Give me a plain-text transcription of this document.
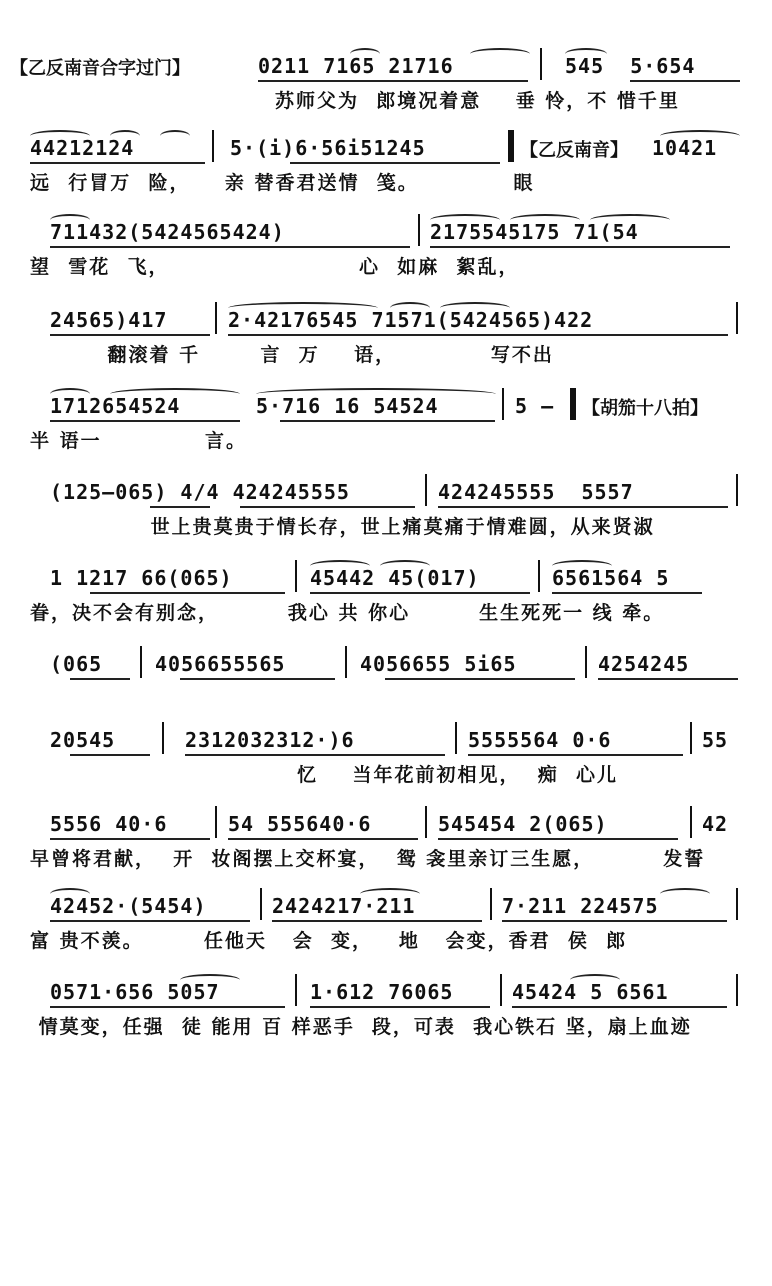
【乙反南音合字过门】

	0211 7165 21716

	545  5·654

苏师父为  郎境况着意    垂 怜，不 惜千里

44212124

	5·(i)6·56i51245

	【乙反南音】

10421

远  行冒万  险，    亲 替香君送情  笺。           眼

711432(5424565424)

	2175545175 71(54

望  雪花  飞，                      心  如麻  絮乱，

24565)417

	2·42176545 71571(5424565)422

翻滚着 千       言  万    语，           写不出

1712654524

	5·716 16 54524

	5 –

【胡笳十八拍】

半 语一            言。

(125–065) 4/4 424245555

	424245555  5557

世上贵莫贵于情长存，世上痛莫痛于情难圆，从来贤淑

1 1217 66(065)

	45442 45(017)

	6561564 5

眷，决不会有别念，        我心 共 你心        生生死死一 线 牵。

(065

	4056655565

	4056655 5i65

	4254245

20545

	2312032312·)6

	5555564 0·6

	55

忆    当年花前初相见，  痴  心儿

5556 40·6

	54 555640·6

	545454 2(065)

	42

早曾将君献，  开  妆阁摆上交杯宴，  鸳 衾里亲订三生愿，        发誓

42452·(5454)

	2424217·211

	7·211 224575

富 贵不羡。       任他天   会  变，   地   会变，香君  侯  郎

0571·656 5057

	1·612 76065

	45424 5 6561

情莫变，任强  徒 能用 百 样恶手  段，可表  我心铁石 坚，扇上血迹
